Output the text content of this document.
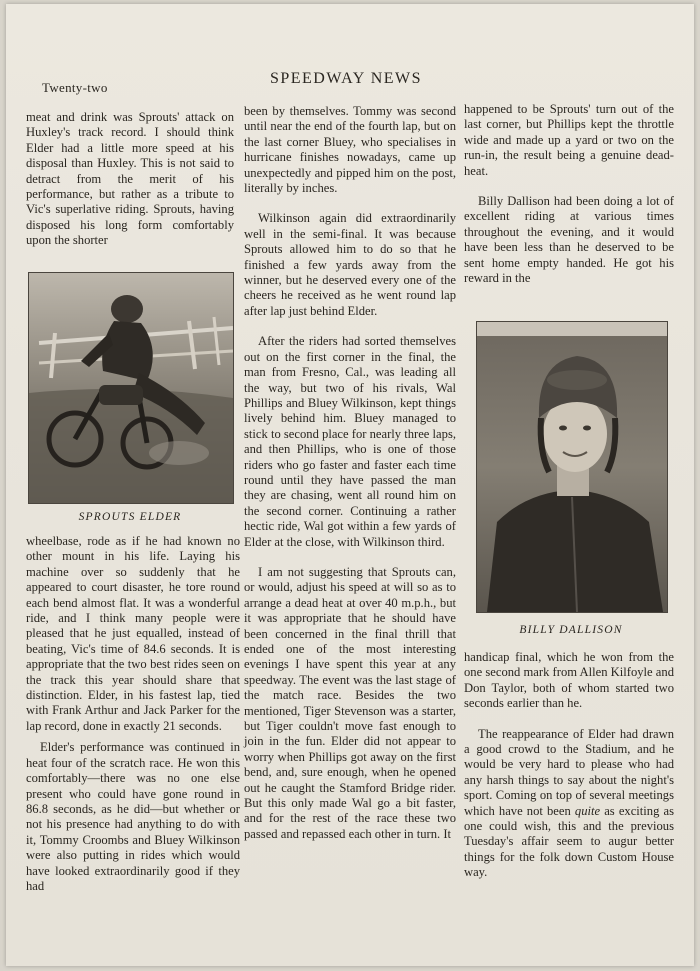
Twenty-two
SPEEDWAY NEWS

meat and drink was Sprouts' attack on Huxley's track record. I should think Elder had a little more speed at his disposal than Huxley. This is not said to detract from the merit of his performance, but rather as a tribute to Vic's superlative riding. Sprouts, having disposed his long form comfortably upon the shorter

SPROUTS ELDER

wheelbase, rode as if he had known no other mount in his life. Laying his machine over so suddenly that he appeared to court disaster, he tore round each bend almost flat. It was a wonderful ride, and I think many people were pleased that he just equalled, instead of beating, Vic's time of 84.6 seconds. It is appropriate that the two best rides seen on the track this year should share that distinction. Elder, in his fastest lap, tied with Frank Arthur and Jack Parker for the lap record, done in exactly 21 seconds.

Elder's performance was continued in heat four of the scratch race. He won this comfortably—there was no one else present who could have gone round in 86.8 seconds, as he did—but whether or not his presence had anything to do with it, Tommy Croombs and Bluey Wilkinson were also putting in rides which would have looked extraordinarily good if they had

been by themselves. Tommy was second until near the end of the fourth lap, but on the last corner Bluey, who specialises in hurricane finishes nowadays, came up unexpectedly and pipped him on the post, literally by inches.

Wilkinson again did extraordinarily well in the semi-final. It was because Sprouts allowed him to do so that he finished a few yards away from the winner, but he deserved every one of the cheers he received as he went round lap after lap just behind Elder.

After the riders had sorted themselves out on the first corner in the final, the man from Fresno, Cal., was leading all the way, but two of his rivals, Wal Phillips and Bluey Wilkinson, kept things lively behind him. Bluey managed to stick to second place for nearly three laps, and then Phillips, who is one of those riders who go faster and faster each time round until they have passed the man they are chasing, went all round him on the second corner. Continuing a rather hectic ride, Wal got within a few yards of Elder at the close, with Wilkinson third.

I am not suggesting that Sprouts can, or would, adjust his speed at will so as to arrange a dead heat at over 40 m.p.h., but it was appropriate that he should have been concerned in the final thrill that ended one of the most interesting evenings I have spent this year at any speedway. The event was the last stage of the match race. Besides the two mentioned, Tiger Stevenson was a starter, but Tiger couldn't move fast enough to join in the fun. Elder did not appear to worry when Phillips got away on the first bend, and, sure enough, when he opened out he caught the Stamford Bridge rider. But this only made Wal go a bit faster, and for the rest of the race these two passed and repassed each other in turn. It

happened to be Sprouts' turn out of the last corner, but Phillips kept the throttle wide and made up a yard or two on the run-in, the result being a genuine dead-heat.

Billy Dallison had been doing a lot of excellent riding at various times throughout the evening, and it would have been less than he deserved to be sent home empty handed. He got his reward in the

BILLY DALLISON

handicap final, which he won from the one second mark from Allen Kilfoyle and Don Taylor, both of whom started two seconds earlier than he.

The reappearance of Elder had drawn a good crowd to the Stadium, and he would be very hard to please who had any harsh things to say about the night's sport. Coming on top of several meetings which have not been quite as exciting as one could wish, this and the previous Tuesday's affair seem to augur better things for the folk down Custom House way.
